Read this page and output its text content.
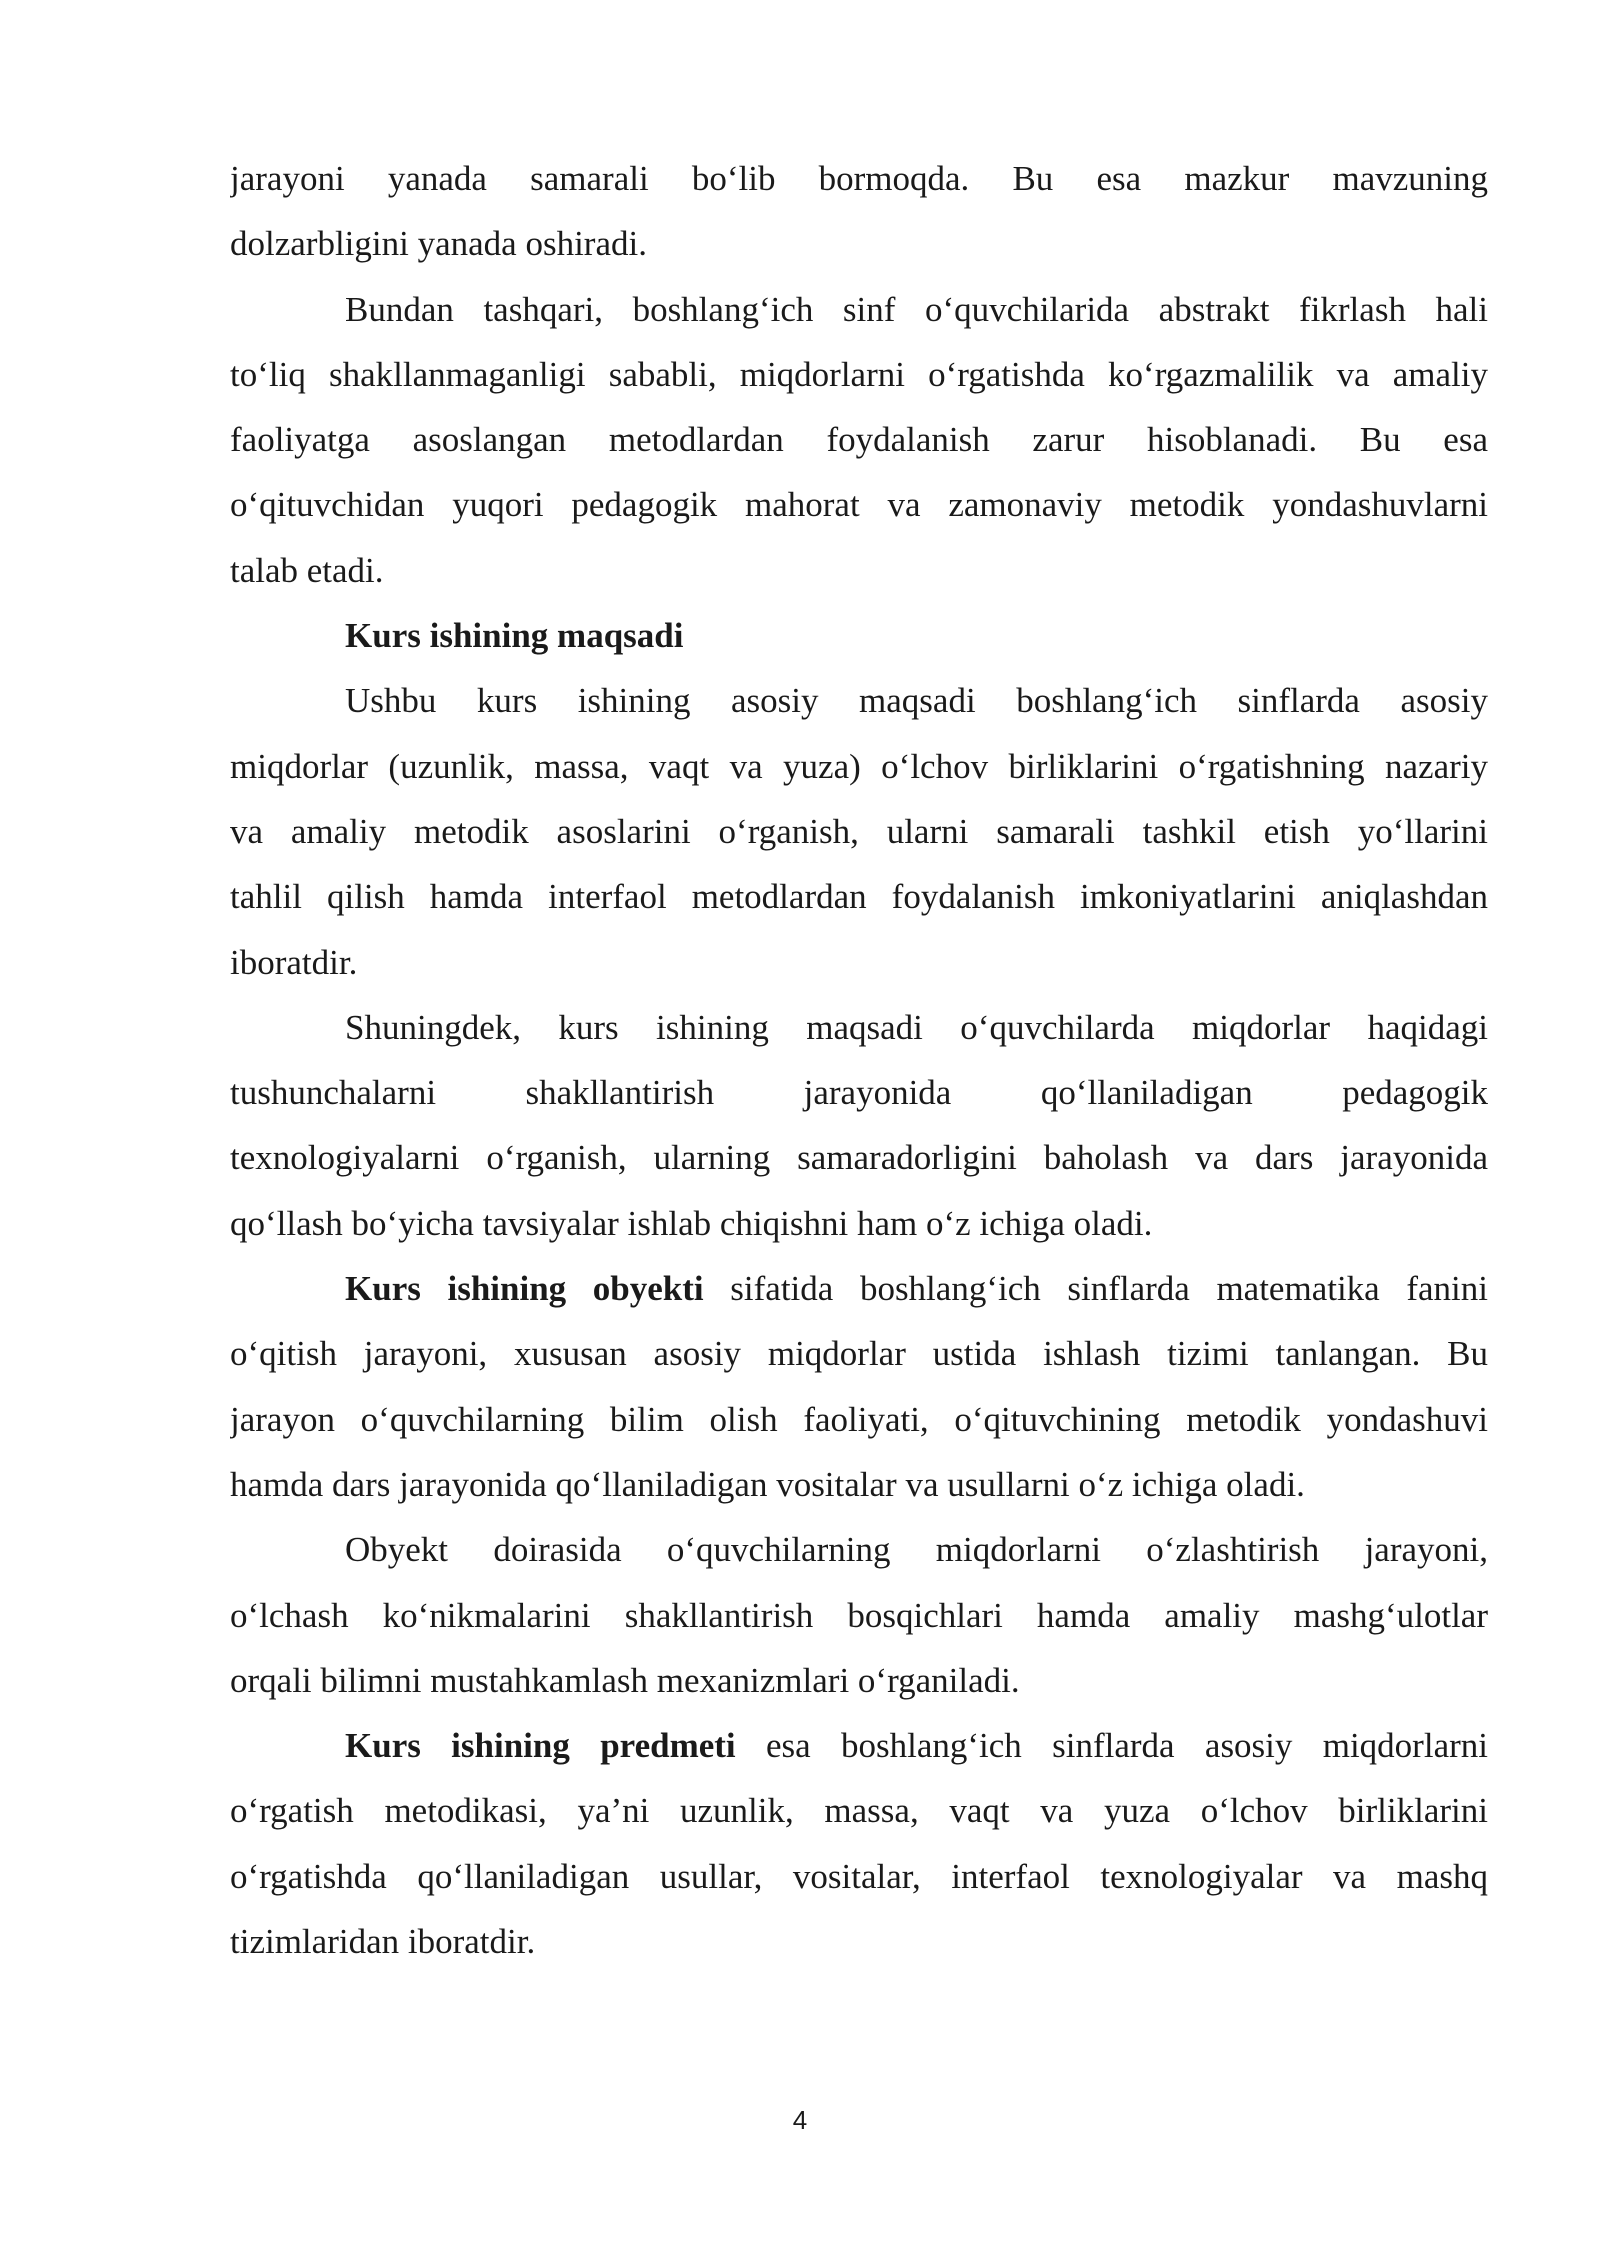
jarayoni yanada samarali bo‘lib bormoqda. Bu esa mazkur mavzuning
dolzarbligini yanada oshiradi.
Bundan tashqari, boshlang‘ich sinf o‘quvchilarida abstrakt fikrlash hali
to‘liq shakllanmaganligi sababli, miqdorlarni o‘rgatishda ko‘rgazmalilik va amaliy
faoliyatga asoslangan metodlardan foydalanish zarur hisoblanadi. Bu esa
o‘qituvchidan yuqori pedagogik mahorat va zamonaviy metodik yondashuvlarni
talab etadi.
Kurs ishining maqsadi
Ushbu kurs ishining asosiy maqsadi boshlang‘ich sinflarda asosiy
miqdorlar (uzunlik, massa, vaqt va yuza) o‘lchov birliklarini o‘rgatishning nazariy
va amaliy metodik asoslarini o‘rganish, ularni samarali tashkil etish yo‘llarini
tahlil qilish hamda interfaol metodlardan foydalanish imkoniyatlarini aniqlashdan
iboratdir.
Shuningdek, kurs ishining maqsadi o‘quvchilarda miqdorlar haqidagi
tushunchalarni shakllantirish jarayonida qo‘llaniladigan pedagogik
texnologiyalarni o‘rganish, ularning samaradorligini baholash va dars jarayonida
qo‘llash bo‘yicha tavsiyalar ishlab chiqishni ham o‘z ichiga oladi.
Kurs ishining obyekti sifatida boshlang‘ich sinflarda matematika fanini
o‘qitish jarayoni, xususan asosiy miqdorlar ustida ishlash tizimi tanlangan. Bu
jarayon o‘quvchilarning bilim olish faoliyati, o‘qituvchining metodik yondashuvi
hamda dars jarayonida qo‘llaniladigan vositalar va usullarni o‘z ichiga oladi.
Obyekt doirasida o‘quvchilarning miqdorlarni o‘zlashtirish jarayoni,
o‘lchash ko‘nikmalarini shakllantirish bosqichlari hamda amaliy mashg‘ulotlar
orqali bilimni mustahkamlash mexanizmlari o‘rganiladi.
Kurs ishining predmeti esa boshlang‘ich sinflarda asosiy miqdorlarni
o‘rgatish metodikasi, ya’ni uzunlik, massa, vaqt va yuza o‘lchov birliklarini
o‘rgatishda qo‘llaniladigan usullar, vositalar, interfaol texnologiyalar va mashq
tizimlaridan iboratdir.
4
